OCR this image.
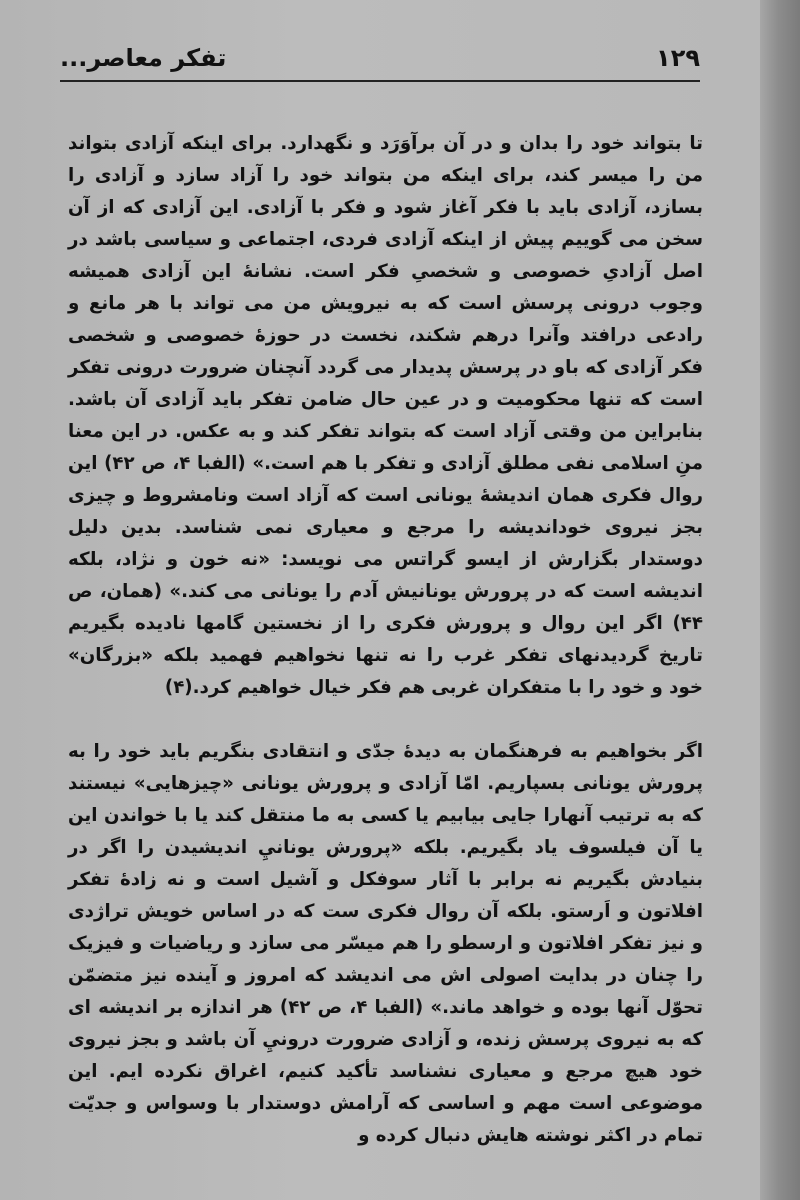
۱۲۹
تفکر معاصر...

تا بتواند خود را بدان و در آن برآوَرَد و نگهدارد. برای اینکه آزادی بتواند من را میسر کند، برای اینکه من بتواند خود را آزاد سازد و آزادی را بسازد، آزادی باید با فکر آغاز شود و فکر با آزادی. این آزادی که از آن سخن می گوییم پیش از اینکه آزادی فردی، اجتماعی و سیاسی باشد در اصل آزادیِ خصوصی و شخصیِ فکر است. نشانهٔ این آزادی همیشه وجوب درونی پرسش است که به نیرویش من می تواند با هر مانع و رادعی درافتد وآنرا درهم شکند، نخست در حوزهٔ خصوصی و شخصی فکر آزادی که باو در پرسش پدیدار می گردد آنچنان ضرورت درونی تفکر است که تنها محکومیت و در عین حال ضامن تفکر باید آزادی آن باشد. بنابراین من وقتی آزاد است که بتواند تفکر کند و به عکس. در این معنا منِ اسلامی نفی مطلق آزادی و تفکر با هم است.» (الفبا ۴، ص ۴۲) این روال فکری همان اندیشهٔ یونانی است که آزاد است ونامشروط و چیزی بجز نیروی خوداندیشه را مرجع و معیاری نمی شناسد. بدین دلیل دوستدار بگزارش از ایسو گراتس می نویسد: «نه خون و نژاد، بلکه اندیشه است که در پرورش یونانیش آدم را یونانی می کند.» (همان، ص ۴۴) اگر این روال و پرورش فکری را از نخستین گامها نادیده بگیریم تاریخ گردیدنهای تفکر غرب را نه تنها نخواهیم فهمید بلکه «بزرگان» خود و خود را با متفکران غربی هم فکر خیال خواهیم کرد.(۴)

اگر بخواهیم به فرهنگمان به دیدهٔ جدّی و انتقادی بنگریم باید خود را به پرورش یونانی بسپاریم. امّا آزادی و پرورش یونانی «چیزهایی» نیستند که به ترتیب آنهارا جایی بیابیم یا کسی به ما منتقل کند یا با خواندن این یا آن فیلسوف یاد بگیریم. بلکه «پرورش یونانيِ اندیشیدن را اگر در بنیادش بگیریم نه برابر با آثار سوفکل و آشیل است و نه زادهٔ تفکر افلاتون و اَرستو. بلکه آن روال فکری ست که در اساس خویش تراژدی و نیز تفکر افلاتون و ارسطو را هم میسّر می سازد و ریاضیات و فیزیک را چنان در بدایت اصولی اش می اندیشد که امروز و آینده نیز متضمّن تحوّل آنها بوده و خواهد ماند.» (الفبا ۴، ص ۴۲) هر اندازه بر اندیشه ای که به نیروی پرسش زنده، و آزادی ضرورت درونيِ آن باشد و بجز نیروی خود هیچ مرجع و معیاری نشناسد تأکید کنیم، اغراق نکرده ایم. این موضوعی است مهم و اساسی که آرامش دوستدار با وسواس و جدیّت تمام در اکثر نوشته هایش دنبال کرده و
